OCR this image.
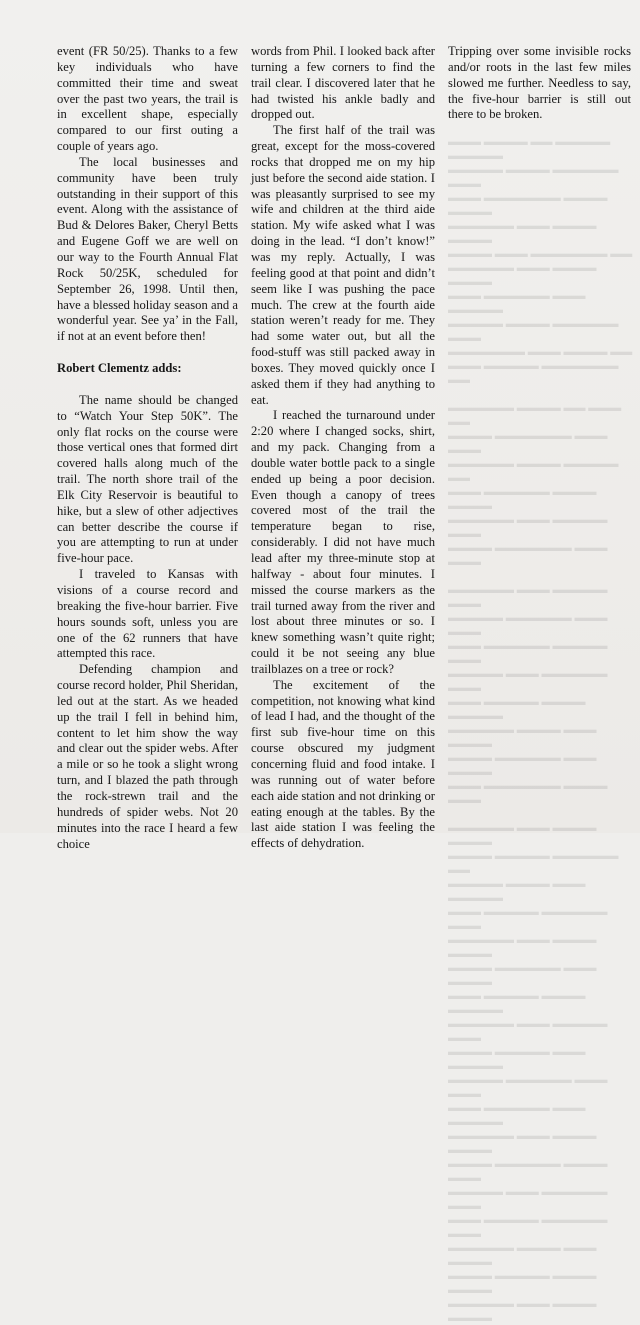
▬▬▬ ▬▬▬▬ ▬▬ ▬▬▬▬▬ ▬▬▬▬▬
▬▬▬▬▬ ▬▬▬▬ ▬▬▬▬▬▬ ▬▬▬
▬▬▬ ▬▬▬▬▬▬▬ ▬▬▬▬ ▬▬▬▬
▬▬▬▬▬▬ ▬▬▬ ▬▬▬▬ ▬▬▬▬
▬▬▬▬ ▬▬▬ ▬▬▬▬▬▬▬ ▬▬
▬▬▬▬▬▬ ▬▬▬ ▬▬▬▬ ▬▬▬▬
▬▬▬ ▬▬▬▬▬▬ ▬▬▬ ▬▬▬▬▬
▬▬▬▬▬ ▬▬▬▬ ▬▬▬▬▬▬ ▬▬▬
▬▬▬▬▬▬▬ ▬▬▬ ▬▬▬▬ ▬▬
▬▬▬ ▬▬▬▬▬ ▬▬▬▬▬▬▬ ▬▬

▬▬▬▬▬▬ ▬▬▬▬ ▬▬ ▬▬▬ ▬▬
▬▬▬▬ ▬▬▬▬▬▬▬ ▬▬▬ ▬▬▬
▬▬▬▬▬▬ ▬▬▬▬ ▬▬▬▬▬ ▬▬
▬▬▬ ▬▬▬▬▬▬ ▬▬▬▬ ▬▬▬▬
▬▬▬▬▬▬ ▬▬▬ ▬▬▬▬▬ ▬▬▬
▬▬▬▬ ▬▬▬▬▬▬▬ ▬▬▬ ▬▬▬

▬▬▬▬▬▬ ▬▬▬ ▬▬▬▬▬ ▬▬▬
▬▬▬▬▬ ▬▬▬▬▬▬ ▬▬▬ ▬▬▬
▬▬▬ ▬▬▬▬▬▬ ▬▬▬▬▬ ▬▬▬
▬▬▬▬▬ ▬▬▬ ▬▬▬▬▬▬ ▬▬▬
▬▬▬ ▬▬▬▬▬ ▬▬▬▬ ▬▬▬▬▬
▬▬▬▬▬▬ ▬▬▬▬ ▬▬▬ ▬▬▬▬
▬▬▬▬ ▬▬▬▬▬▬ ▬▬▬ ▬▬▬▬
▬▬▬ ▬▬▬▬▬▬▬ ▬▬▬▬ ▬▬▬

▬▬▬▬▬▬ ▬▬▬ ▬▬▬▬ ▬▬▬▬
▬▬▬▬ ▬▬▬▬▬ ▬▬▬▬▬▬ ▬▬
▬▬▬▬▬ ▬▬▬▬ ▬▬▬ ▬▬▬▬▬
▬▬▬ ▬▬▬▬▬ ▬▬▬▬▬▬ ▬▬▬
▬▬▬▬▬▬ ▬▬▬ ▬▬▬▬ ▬▬▬▬
▬▬▬▬ ▬▬▬▬▬▬ ▬▬▬ ▬▬▬▬
▬▬▬ ▬▬▬▬▬ ▬▬▬▬ ▬▬▬▬▬
▬▬▬▬▬▬ ▬▬▬ ▬▬▬▬▬ ▬▬▬
▬▬▬▬ ▬▬▬▬▬ ▬▬▬ ▬▬▬▬▬
▬▬▬▬▬ ▬▬▬▬▬▬ ▬▬▬ ▬▬▬
▬▬▬ ▬▬▬▬▬▬ ▬▬▬ ▬▬▬▬▬
▬▬▬▬▬▬ ▬▬▬ ▬▬▬▬ ▬▬▬▬
▬▬▬▬ ▬▬▬▬▬▬ ▬▬▬▬ ▬▬▬
▬▬▬▬▬ ▬▬▬ ▬▬▬▬▬▬ ▬▬▬
▬▬▬ ▬▬▬▬▬ ▬▬▬▬▬▬ ▬▬▬
▬▬▬▬▬▬ ▬▬▬▬ ▬▬▬ ▬▬▬▬
▬▬▬▬ ▬▬▬▬▬ ▬▬▬▬ ▬▬▬▬
▬▬▬▬▬▬ ▬▬▬ ▬▬▬▬ ▬▬▬▬

event (FR 50/25). Thanks to a few key individuals who have committed their time and sweat over the past two years, the trail is in excellent shape, especially compared to our first outing a couple of years ago.

The local businesses and community have been truly outstanding in their support of this event. Along with the assistance of Bud & Delores Baker, Cheryl Betts and Eugene Goff we are well on our way to the Fourth Annual Flat Rock 50/25K, scheduled for September 26, 1998. Until then, have a blessed holiday season and a wonderful year. See ya’ in the Fall, if not at an event before then!

Robert Clementz adds:

The name should be changed to “Watch Your Step 50K”. The only flat rocks on the course were those vertical ones that formed dirt covered halls along much of the trail. The north shore trail of the Elk City Reservoir is beautiful to hike, but a slew of other adjectives can better describe the course if you are attempting to run at under five-hour pace.

I traveled to Kansas with visions of a course record and breaking the five-hour barrier. Five hours sounds soft, unless you are one of the 62 runners that have attempted this race.

Defending champion and course record holder, Phil Sheridan, led out at the start. As we headed up the trail I fell in behind him, content to let him show the way and clear out the spider webs. After a mile or so he took a slight wrong turn, and I blazed the path through the rock-strewn trail and the hundreds of spider webs. Not 20 minutes into the race I heard a few choice

words from Phil. I looked back after turning a few corners to find the trail clear. I discovered later that he had twisted his ankle badly and dropped out.

The first half of the trail was great, except for the moss-covered rocks that dropped me on my hip just before the second aide station. I was pleasantly surprised to see my wife and children at the third aide station. My wife asked what I was doing in the lead. “I don’t know!” was my reply. Actually, I was feeling good at that point and didn’t seem like I was pushing the pace much. The crew at the fourth aide station weren’t ready for me. They had some water out, but all the food-stuff was still packed away in boxes. They moved quickly once I asked them if they had anything to eat.

I reached the turnaround under 2:20 where I changed socks, shirt, and my pack. Changing from a double water bottle pack to a single ended up being a poor decision. Even though a canopy of trees covered most of the trail the temperature began to rise, considerably. I did not have much lead after my three-minute stop at halfway - about four minutes. I missed the course markers as the trail turned away from the river and lost about three minutes or so. I knew something wasn’t quite right; could it be not seeing any blue trailblazes on a tree or rock?

The excitement of the competition, not knowing what kind of lead I had, and the thought of the first sub five-hour time on this course obscured my judgment concerning fluid and food intake. I was running out of water before each aide station and not drinking or eating enough at the tables. By the last aide station I was feeling the effects of dehydration.

Tripping over some invisible rocks and/or roots in the last few miles slowed me further. Needless to say, the five-hour barrier is still out there to be broken.
